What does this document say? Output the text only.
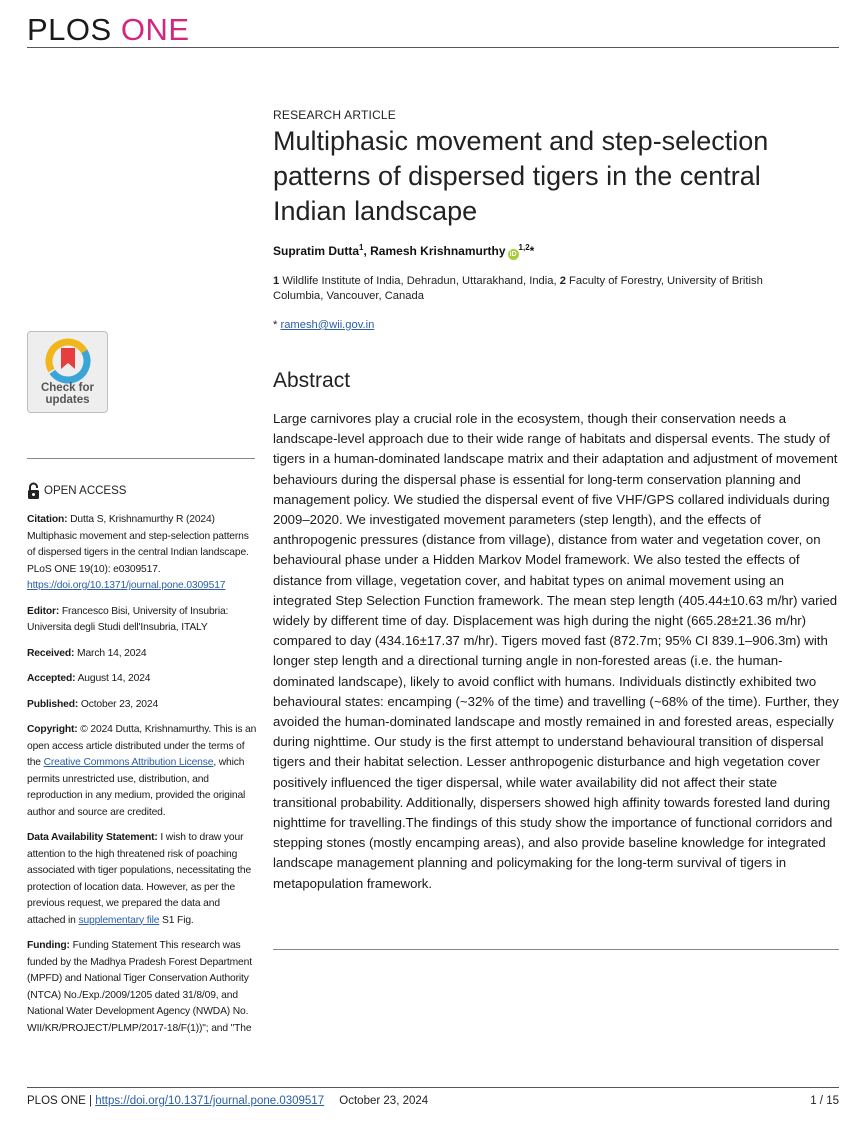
PLOS ONE
RESEARCH ARTICLE
Multiphasic movement and step-selection patterns of dispersed tigers in the central Indian landscape
Supratim Dutta$^1$, Ramesh Krishnamurthy iD$^{1,2}$*
1 Wildlife Institute of India, Dehradun, Uttarakhand, India, 2 Faculty of Forestry, University of British Columbia, Vancouver, Canada
* ramesh@wii.gov.in
Check for
updates
OPEN ACCESS
Citation: Dutta S, Krishnamurthy R (2024) Multiphasic movement and step-selection patterns of dispersed tigers in the central Indian landscape. PLoS ONE 19(10): e0309517. https://doi.org/10.1371/journal.pone.0309517
Editor: Francesco Bisi, University of Insubria: Universita degli Studi dell'Insubria, ITALY
Received: March 14, 2024
Accepted: August 14, 2024
Published: October 23, 2024
Copyright: © 2024 Dutta, Krishnamurthy. This is an open access article distributed under the terms of the Creative Commons Attribution License, which permits unrestricted use, distribution, and reproduction in any medium, provided the original author and source are credited.
Data Availability Statement: I wish to draw your attention to the high threatened risk of poaching associated with tiger populations, necessitating the protection of location data. However, as per the previous request, we prepared the data and attached in supplementary file S1 Fig.
Funding: Funding Statement This research was funded by the Madhya Pradesh Forest Department (MPFD) and National Tiger Conservation Authority (NTCA) No./Exp./2009/1205 dated 31/8/09, and National Water Development Agency (NWDA) No. WII/KR/PROJECT/PLMP/2017-18/F(1))"; and "The
Abstract

Large carnivores play a crucial role in the ecosystem, though their conservation needs a landscape-level approach due to their wide range of habitats and dispersal events. The study of tigers in a human-dominated landscape matrix and their adaptation and adjustment of movement behaviours during the dispersal phase is essential for long-term conservation planning and management policy. We studied the dispersal event of five VHF/GPS collared individuals during 2009–2020. We investigated movement parameters (step length), and the effects of anthropogenic pressures (distance from village), distance from water and vegetation cover, on behavioural phase under a Hidden Markov Model framework. We also tested the effects of distance from village, vegetation cover, and habitat types on animal movement using an integrated Step Selection Function framework. The mean step length (405.44±10.63 m/hr) varied widely by different time of day. Displacement was high during the night (665.28±21.36 m/hr) compared to day (434.16±17.37 m/hr). Tigers moved fast (872.7m; 95% CI 839.1–906.3m) with longer step length and a directional turning angle in non-forested areas (i.e. the human-dominated landscape), likely to avoid conflict with humans. Individuals distinctly exhibited two behavioural states: encamping (~32% of the time) and travelling (~68% of the time). Further, they avoided the human-dominated landscape and mostly remained in and forested areas, especially during nighttime. Our study is the first attempt to understand behavioural transition of dispersal tigers and their habitat selection. Lesser anthropogenic disturbance and high vegetation cover positively influenced the tiger dispersal, while water availability did not affect their state transitional probability. Additionally, dispersers showed high affinity towards forested land during nighttime for travelling.The findings of this study show the importance of functional corridors and stepping stones (mostly encamping areas), and also provide baseline knowledge for integrated landscape management planning and policymaking for the long-term survival of tigers in metapopulation framework.

PLOS ONE | https://doi.org/10.1371/journal.pone.0309517 October 23, 2024	1 / 15
